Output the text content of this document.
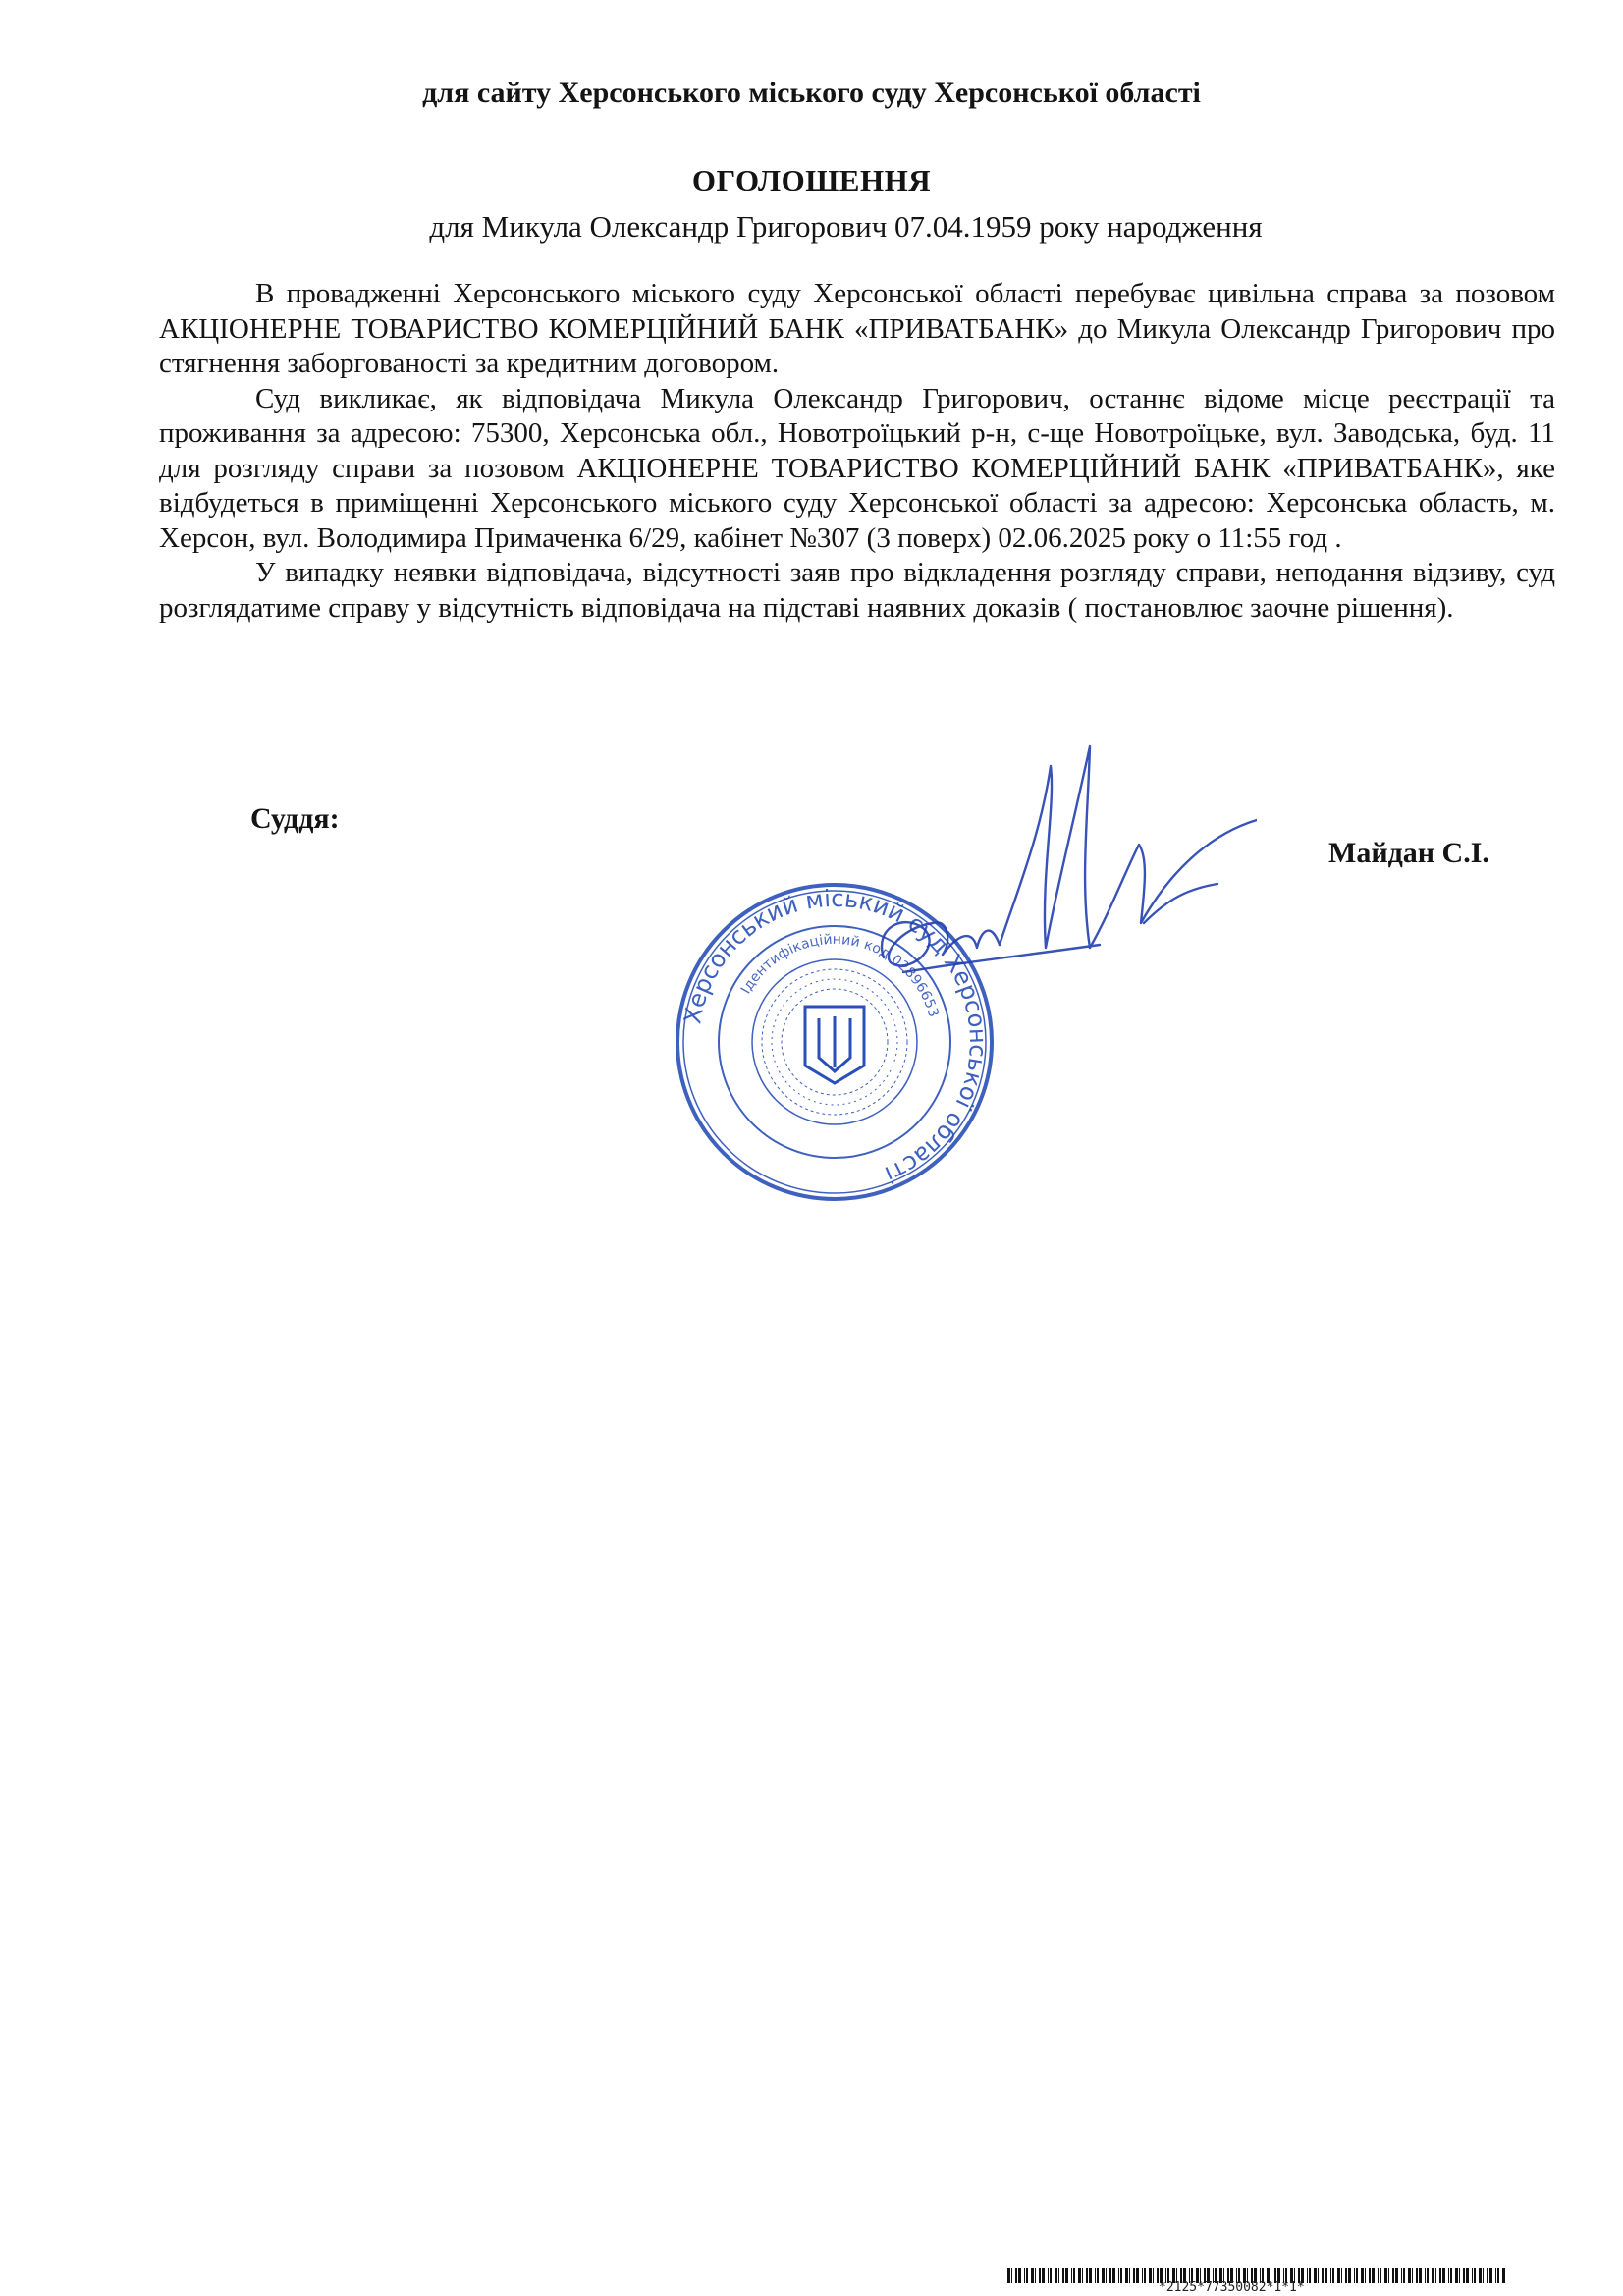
для сайту Херсонського міського суду Херсонської області
ОГОЛОШЕННЯ
для Микула Олександр Григорович 07.04.1959 року народження

В провадженні Херсонського міського суду Херсонської області перебуває цивільна справа за позовом АКЦІОНЕРНЕ ТОВАРИСТВО КОМЕРЦІЙНИЙ БАНК «ПРИВАТБАНК» до Микула Олександр Григорович про стягнення заборгованості за кредитним договором.

Суд викликає, як відповідача Микула Олександр Григорович, останнє відоме місце реєстрації та проживання за адресою: 75300, Херсонська обл., Новотроїцький р-н, с-ще Новотроїцьке, вул. Заводська, буд. 11 для розгляду справи за позовом АКЦІОНЕРНЕ ТОВАРИСТВО КОМЕРЦІЙНИЙ БАНК «ПРИВАТБАНК», яке відбудеться в приміщенні Херсонського міського суду Херсонської області за адресою: Херсонська область, м. Херсон, вул. Володимира Примаченка 6/29, кабінет №307 (3 поверх) 02.06.2025 року о 11:55 год .

У випадку неявки відповідача, відсутності заяв про відкладення розгляду справи, неподання відзиву, суд розглядатиме справу у відсутність відповідача на підставі наявних доказів ( постановлює заочне рішення).

Суддя:
Майдан С.І.
Херсонський міський суд Херсонської області
Ідентифікаційний код 02896653
*2125*77350082*1*1*
